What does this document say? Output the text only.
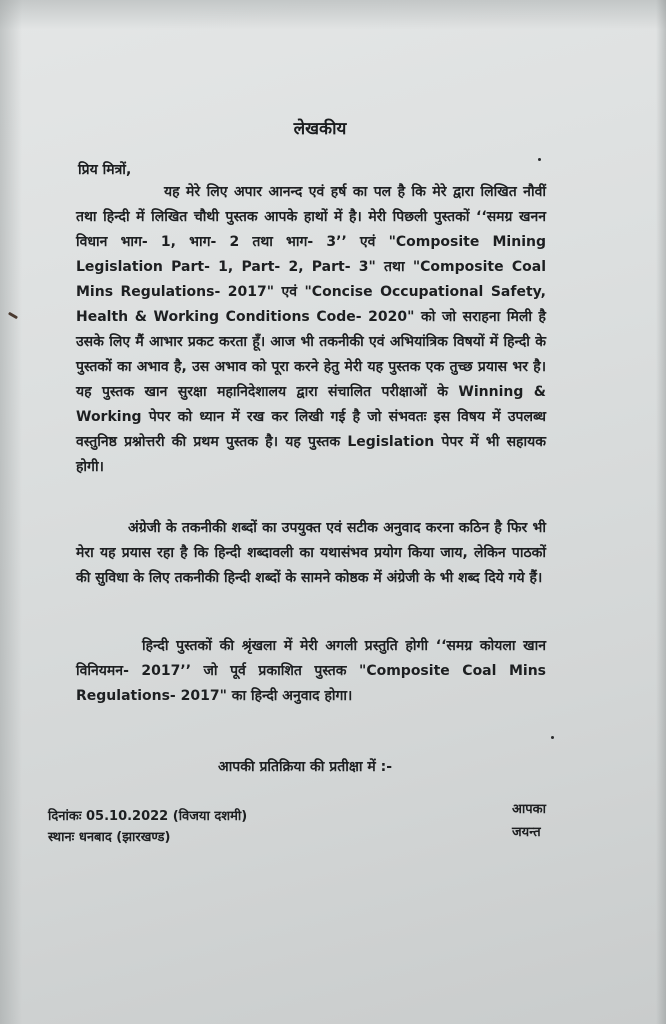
लेखकीय

प्रिय मित्रों,

यह मेरे लिए अपार आनन्द एवं हर्ष का पल है कि मेरे द्वारा लिखित नौवीं तथा हिन्दी में लिखित चौथी पुस्तक आपके हाथों में है। मेरी पिछली पुस्तकों ‘‘समग्र खनन विधान भाग- 1, भाग- 2 तथा भाग- 3’’ एवं "Composite Mining Legislation Part- 1, Part- 2, Part- 3" तथा "Composite Coal Mins Regulations- 2017" एवं "Concise Occupational Safety, Health & Working Conditions Code- 2020" को जो सराहना मिली है उसके लिए मैं आभार प्रकट करता हूँ। आज भी तकनीकी एवं अभियांत्रिक विषयों में हिन्दी के पुस्तकों का अभाव है, उस अभाव को पूरा करने हेतु मेरी यह पुस्तक एक तुच्छ प्रयास भर है। यह पुस्तक खान सुरक्षा महानिदेशालय द्वारा संचालित परीक्षाओं के Winning & Working पेपर को ध्यान में रख कर लिखी गई है जो संभवतः इस विषय में उपलब्ध वस्तुनिष्ठ प्रश्नोत्तरी की प्रथम पुस्तक है। यह पुस्तक Legislation पेपर में भी सहायक होगी।

अंग्रेजी के तकनीकी शब्दों का उपयुक्त एवं सटीक अनुवाद करना कठिन है फिर भी मेरा यह प्रयास रहा है कि हिन्दी शब्दावली का यथासंभव प्रयोग किया जाय, लेकिन पाठकों की सुविधा के लिए तकनीकी हिन्दी शब्दों के सामने कोष्ठक में अंग्रेजी के भी शब्द दिये गये हैं।

हिन्दी पुस्तकों की श्रृंखला में मेरी अगली प्रस्तुति होगी ‘‘समग्र कोयला खान विनियमन- 2017’’ जो पूर्व प्रकाशित पुस्तक "Composite Coal Mins Regulations- 2017" का हिन्दी अनुवाद होगा।

आपकी प्रतिक्रिया की प्रतीक्षा में :-

दिनांकः 05.10.2022 (विजया दशमी)
स्थानः धनबाद (झारखण्ड)
आपका
जयन्त
